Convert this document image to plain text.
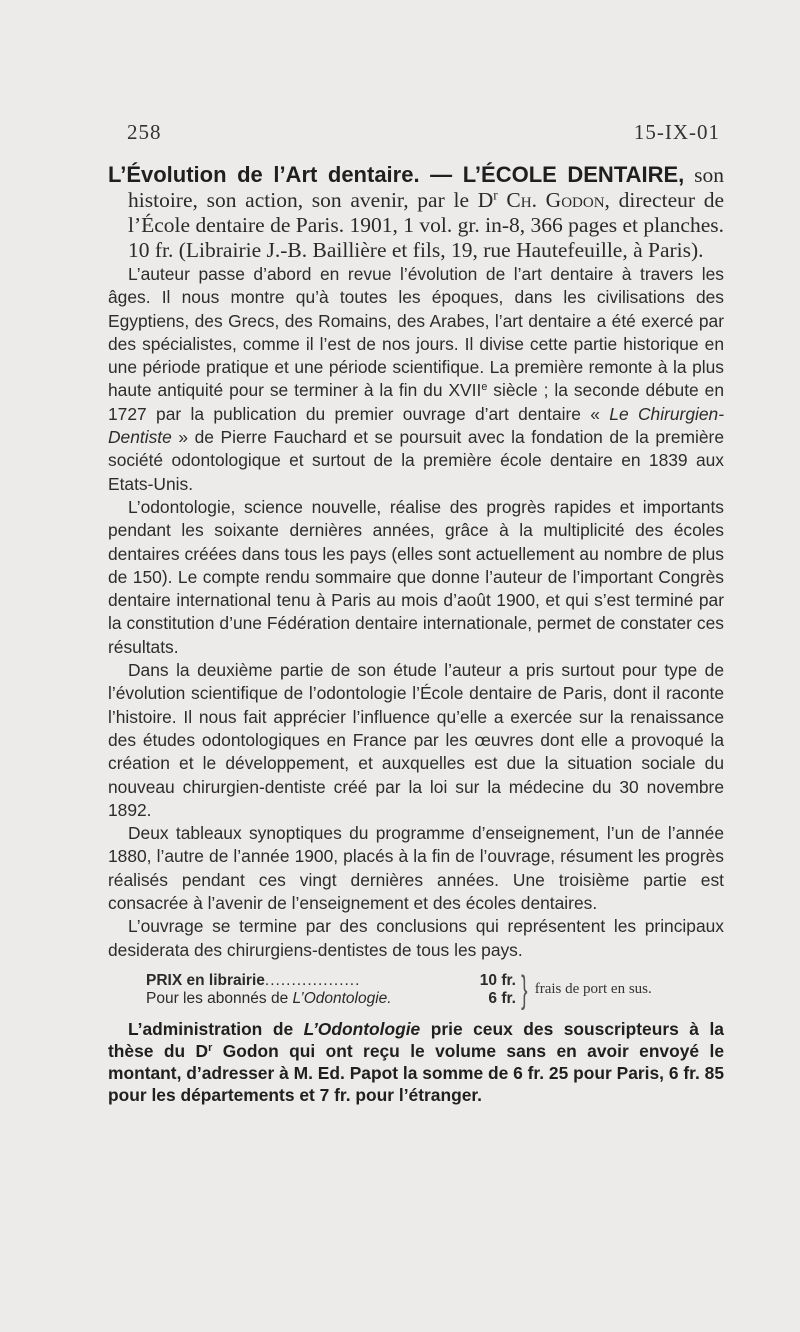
258	15-IX-01

L’Évolution de l’Art dentaire. — L’ÉCOLE DENTAIRE, son histoire, son action, son avenir, par le $D^r$ Ch. Godon, directeur de l’École dentaire de Paris. 1901, 1 vol. gr. in-8, 366 pages et planches. 10 fr. (Librairie J.-B. Baillière et fils, 19, rue Hautefeuille, à Paris).

L’auteur passe d’abord en revue l’évolution de l’art dentaire à travers les âges. Il nous montre qu’à toutes les époques, dans les civilisations des Egyptiens, des Grecs, des Romains, des Arabes, l’art dentaire a été exercé par des spécialistes, comme il l’est de nos jours. Il divise cette partie historique en une période pratique et une période scientifique. La première remonte à la plus haute antiquité pour se terminer à la fin du XVIIe siècle ; la seconde débute en 1727 par la publication du premier ouvrage d’art dentaire « Le Chirurgien-Dentiste » de Pierre Fauchard et se poursuit avec la fondation de la première société odontologique et surtout de la première école dentaire en 1839 aux Etats-Unis.

L’odontologie, science nouvelle, réalise des progrès rapides et importants pendant les soixante dernières années, grâce à la multiplicité des écoles dentaires créées dans tous les pays (elles sont actuellement au nombre de plus de 150). Le compte rendu sommaire que donne l’auteur de l’important Congrès dentaire international tenu à Paris au mois d’août 1900, et qui s’est terminé par la constitution d’une Fédération dentaire internationale, permet de constater ces résultats.

Dans la deuxième partie de son étude l’auteur a pris surtout pour type de l’évolution scientifique de l’odontologie l’École dentaire de Paris, dont il raconte l’histoire. Il nous fait apprécier l’influence qu’elle a exercée sur la renaissance des études odontologiques en France par les œuvres dont elle a provoqué la création et le développement, et auxquelles est due la situation sociale du nouveau chirurgien-dentiste créé par la loi sur la médecine du 30 novembre 1892.

Deux tableaux synoptiques du programme d’enseignement, l’un de l’année 1880, l’autre de l’année 1900, placés à la fin de l’ouvrage, résument les progrès réalisés pendant ces vingt dernières années. Une troisième partie est consacrée à l’avenir de l’enseignement et des écoles dentaires.

L’ouvrage se termine par des conclusions qui représentent les principaux desiderata des chirurgiens-dentistes de tous les pays.

PRIX en librairie..................	10 fr.
Pour les abonnés de L’Odontologie.	6 fr. } frais de port en sus.

L’administration de L’Odontologie prie ceux des souscripteurs à la thèse du $D^r$ Godon qui ont reçu le volume sans en avoir envoyé le montant, d’adresser à M. Ed. Papot la somme de 6 fr. 25 pour Paris, 6 fr. 85 pour les départements et 7 fr. pour l’étranger.
